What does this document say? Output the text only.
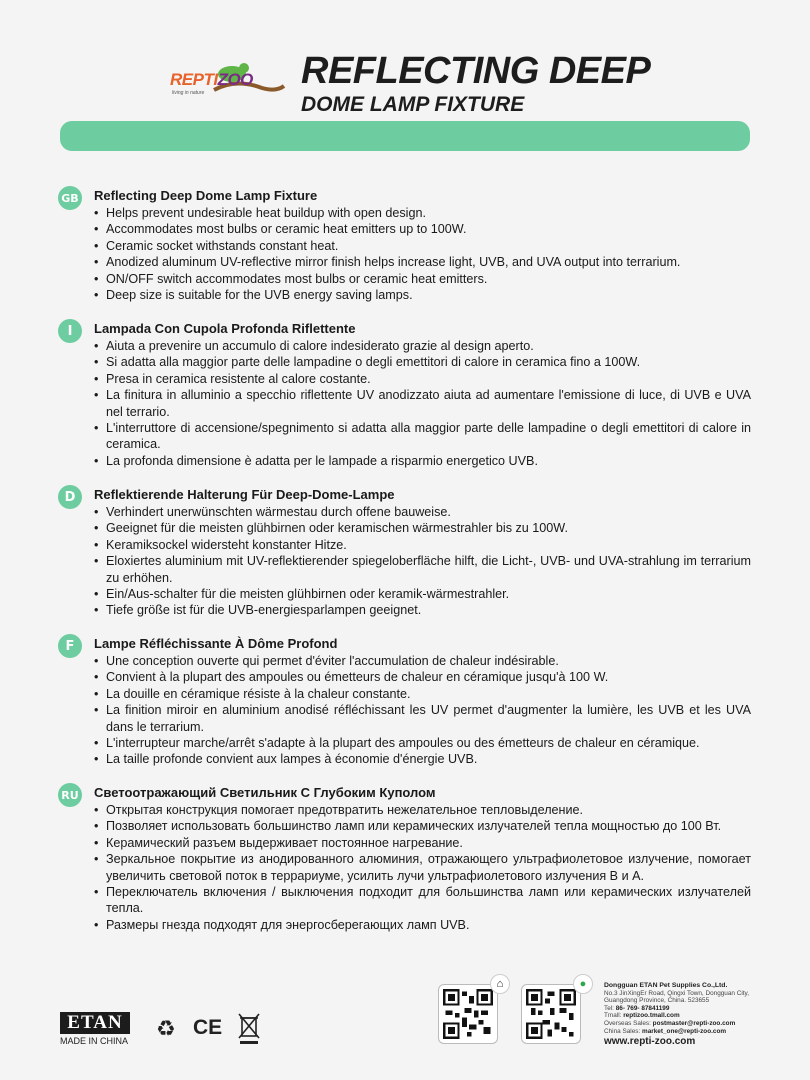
REPTIZOO
living in nature
REFLECTING DEEP
DOME LAMP FIXTURE
GB Reflecting Deep Dome Lamp Fixture
• Helps prevent undesirable heat buildup with open design.
• Accommodates most bulbs or ceramic heat emitters up to 100W.
• Ceramic socket withstands constant heat.
• Anodized aluminum UV-reflective mirror finish helps increase light, UVB, and UVA output into terrarium.
• ON/OFF switch accommodates most bulbs or ceramic heat emitters.
• Deep size is suitable for the UVB energy saving lamps.
I	Lampada Con Cupola Profonda Riflettente
• Aiuta a prevenire un accumulo di calore indesiderato grazie al design aperto.
• Si adatta alla maggior parte delle lampadine o degli emettitori di calore in ceramica fino a 100W.
• Presa in ceramica resistente al calore costante.
• La finitura in alluminio a specchio riflettente UV anodizzato aiuta ad aumentare l'emissione di luce, di UVB e UVA nel terrario.
• L'interruttore di accensione/spegnimento si adatta alla maggior parte delle lampadine o degli emettitori di calore in ceramica.
• La profonda dimensione è adatta per le lampade a risparmio energetico UVB.
D	Reflektierende Halterung Für Deep-Dome-Lampe
• Verhindert unerwünschten wärmestau durch offene bauweise.
• Geeignet für die meisten glühbirnen oder keramischen wärmestrahler bis zu 100W.
• Keramiksockel widersteht konstanter Hitze.
• Eloxiertes aluminium mit UV-reflektierender spiegeloberfläche hilft, die Licht-, UVB- und UVA-strahlung im terrarium zu erhöhen.
• Ein/Aus-schalter für die meisten glühbirnen oder keramik-wärmestrahler.
• Tiefe größe ist für die UVB-energiesparlampen geeignet.
F	Lampe Réfléchissante À Dôme Profond
• Une conception ouverte qui permet d'éviter l'accumulation de chaleur indésirable.
• Convient à la plupart des ampoules ou émetteurs de chaleur en céramique jusqu'à 100 W.
• La douille en céramique résiste à la chaleur constante.
• La finition miroir en aluminium anodisé réfléchissant les UV permet d'augmenter la lumière, les UVB et les UVA dans le terrarium.
• L'interrupteur marche/arrêt s'adapte à la plupart des ampoules ou des émetteurs de chaleur en céramique.
• La taille profonde convient aux lampes à économie d'énergie UVB.
RU Светоотражающий Светильник С Глубоким Куполом
• Открытая конструкция помогает предотвратить нежелательное тепловыделение.
• Позволяет использовать большинство ламп или керамических излучателей тепла мощностью до 100 Вт.
• Керамический разъем выдерживает постоянное нагревание.
• Зеркальное покрытие из анодированного алюминия, отражающего ультрафиолетовое излучение, помогает увеличить световой поток в террариуме, усилить лучи ультрафиолетового излучения B и A.
• Переключатель включения / выключения подходит для большинства ламп или керамических излучателей тепла.
• Размеры гнезда подходят для энергосберегающих ламп UVB.
ETAN
MADE IN CHINA ♻ CE
⌂	●	Dongguan ETAN Pet Supplies Co.,Ltd.
No.3 JinXingEr Road, Qingxi Town, Dongguan City, Guangdong Province, China. 523655
Tel: 86- 769- 87841199
Tmall: reptizoo.tmall.com
Overseas Sales: postmaster@repti-zoo.com
China Sales: market_one@repti-zoo.com
www.repti-zoo.com
